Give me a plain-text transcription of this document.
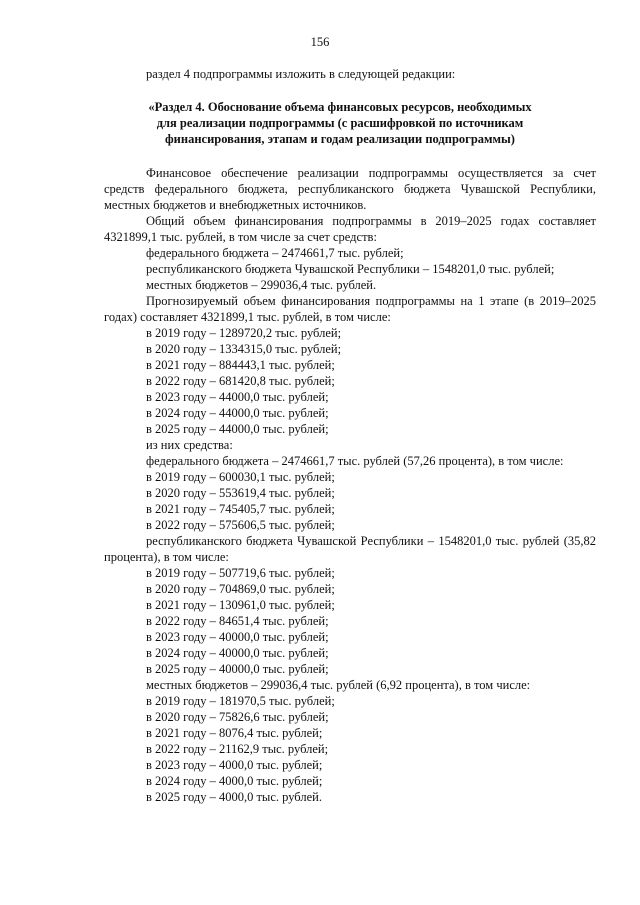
156
раздел 4 подпрограммы изложить в следующей редакции:
«Раздел 4. Обоснование объема финансовых ресурсов, необходимых
для реализации подпрограммы (с расшифровкой по источникам
финансирования, этапам и годам реализации подпрограммы)

Финансовое обеспечение реализации подпрограммы осуществляется за счет средств федерального бюджета, республиканского бюджета Чувашской Республики, местных бюджетов и внебюджетных источников.

Общий объем финансирования подпрограммы в 2019–2025 годах составляет 4321899,1 тыс. рублей, в том числе за счет средств:

федерального бюджета – 2474661,7 тыс. рублей;

республиканского бюджета Чувашской Республики – 1548201,0 тыс. рублей;

местных бюджетов – 299036,4 тыс. рублей.

Прогнозируемый объем финансирования подпрограммы на 1 этапе (в 2019–2025 годах) составляет 4321899,1 тыс. рублей, в том числе:

в 2019 году – 1289720,2 тыс. рублей;

в 2020 году – 1334315,0 тыс. рублей;

в 2021 году – 884443,1 тыс. рублей;

в 2022 году – 681420,8 тыс. рублей;

в 2023 году – 44000,0 тыс. рублей;

в 2024 году – 44000,0 тыс. рублей;

в 2025 году – 44000,0 тыс. рублей;

из них средства:

федерального бюджета – 2474661,7 тыс. рублей (57,26 процента), в том числе:

в 2019 году – 600030,1 тыс. рублей;

в 2020 году – 553619,4 тыс. рублей;

в 2021 году – 745405,7 тыс. рублей;

в 2022 году – 575606,5 тыс. рублей;

республиканского бюджета Чувашской Республики – 1548201,0 тыс. рублей (35,82 процента), в том числе:

в 2019 году – 507719,6 тыс. рублей;

в 2020 году – 704869,0 тыс. рублей;

в 2021 году – 130961,0 тыс. рублей;

в 2022 году – 84651,4 тыс. рублей;

в 2023 году – 40000,0 тыс. рублей;

в 2024 году – 40000,0 тыс. рублей;

в 2025 году – 40000,0 тыс. рублей;

местных бюджетов – 299036,4 тыс. рублей (6,92 процента), в том числе:

в 2019 году – 181970,5 тыс. рублей;

в 2020 году – 75826,6 тыс. рублей;

в 2021 году – 8076,4 тыс. рублей;

в 2022 году – 21162,9 тыс. рублей;

в 2023 году – 4000,0 тыс. рублей;

в 2024 году – 4000,0 тыс. рублей;

в 2025 году – 4000,0 тыс. рублей.
